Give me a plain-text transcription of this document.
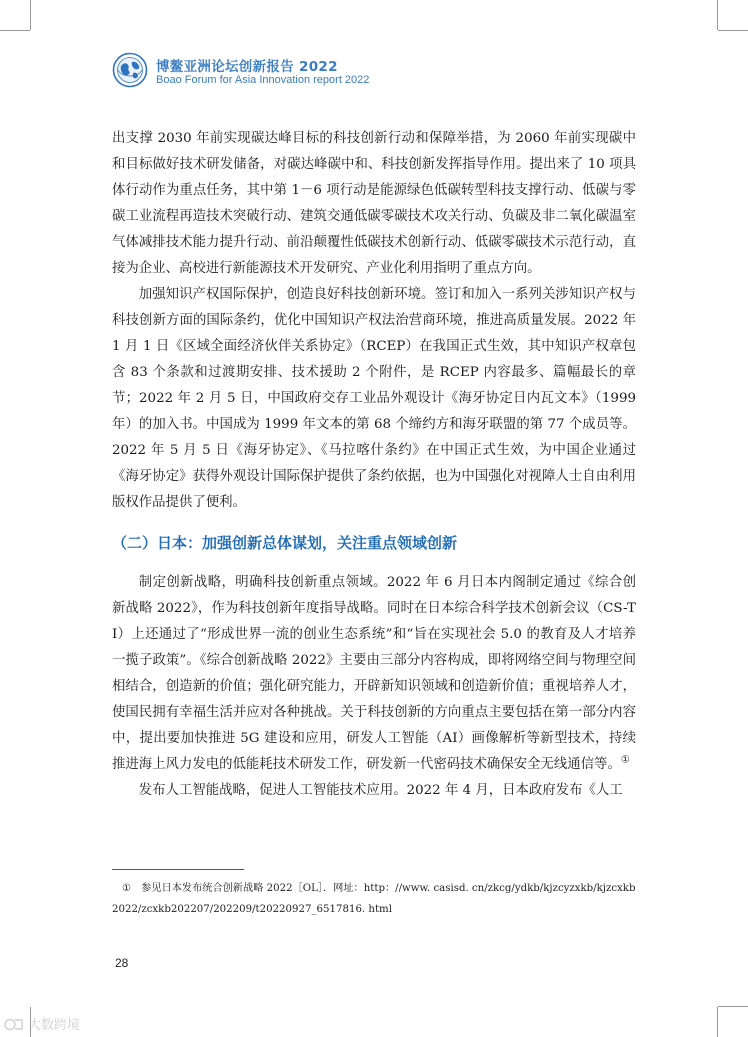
博鳌亚洲论坛创新报告 2022
Boao Forum for Asia Innovation report 2022

出支撑 2030 年前实现碳达峰目标的科技创新行动和保障举措，为 2060 年前实现碳中和目标做好技术研发储备，对碳达峰碳中和、科技创新发挥指导作用。提出来了 10 项具体行动作为重点任务，其中第 1－6 项行动是能源绿色低碳转型科技支撑行动、低碳与零碳工业流程再造技术突破行动、建筑交通低碳零碳技术攻关行动、负碳及非二氧化碳温室气体减排技术能力提升行动、前沿颠覆性低碳技术创新行动、低碳零碳技术示范行动，直接为企业、高校进行新能源技术开发研究、产业化利用指明了重点方向。

加强知识产权国际保护，创造良好科技创新环境。签订和加入一系列关涉知识产权与科技创新方面的国际条约，优化中国知识产权法治营商环境，推进高质量发展。2022 年 1 月 1 日《区域全面经济伙伴关系协定》（RCEP）在我国正式生效，其中知识产权章包含 83 个条款和过渡期安排、技术援助 2 个附件，是 RCEP 内容最多、篇幅最长的章节；2022 年 2 月 5 日，中国政府交存工业品外观设计《海牙协定日内瓦文本》（1999 年）的加入书。中国成为 1999 年文本的第 68 个缔约方和海牙联盟的第 77 个成员等。2022 年 5 月 5 日《海牙协定》、《马拉喀什条约》在中国正式生效，为中国企业通过《海牙协定》获得外观设计国际保护提供了条约依据，也为中国强化对视障人士自由利用版权作品提供了便利。

（二）日本：加强创新总体谋划，关注重点领域创新

制定创新战略，明确科技创新重点领域。2022 年 6 月日本内阁制定通过《综合创新战略 2022》，作为科技创新年度指导战略。同时在日本综合科学技术创新会议（CS-TI）上还通过了“形成世界一流的创业生态系统”和“旨在实现社会 5.0 的教育及人才培养一揽子政策”。《综合创新战略 2022》主要由三部分内容构成，即将网络空间与物理空间相结合，创造新的价值；强化研究能力，开辟新知识领域和创造新价值；重视培养人才，使国民拥有幸福生活并应对各种挑战。关于科技创新的方向重点主要包括在第一部分内容中，提出要加快推进 5G 建设和应用，研发人工智能（AI）画像解析等新型技术，持续推进海上风力发电的低能耗技术研发工作，研发新一代密码技术确保安全无线通信等。①

发布人工智能战略，促进人工智能技术应用。2022 年 4 月，日本政府发布《人工

① 参见日本发布统合创新战略 2022［OL］．网址：http：//www. casisd. cn/zkcg/ydkb/kjzcyzxkb/kjzcxkb2022/zcxkb202207/202209/t20220927_6517816. html
28
大数跨境
